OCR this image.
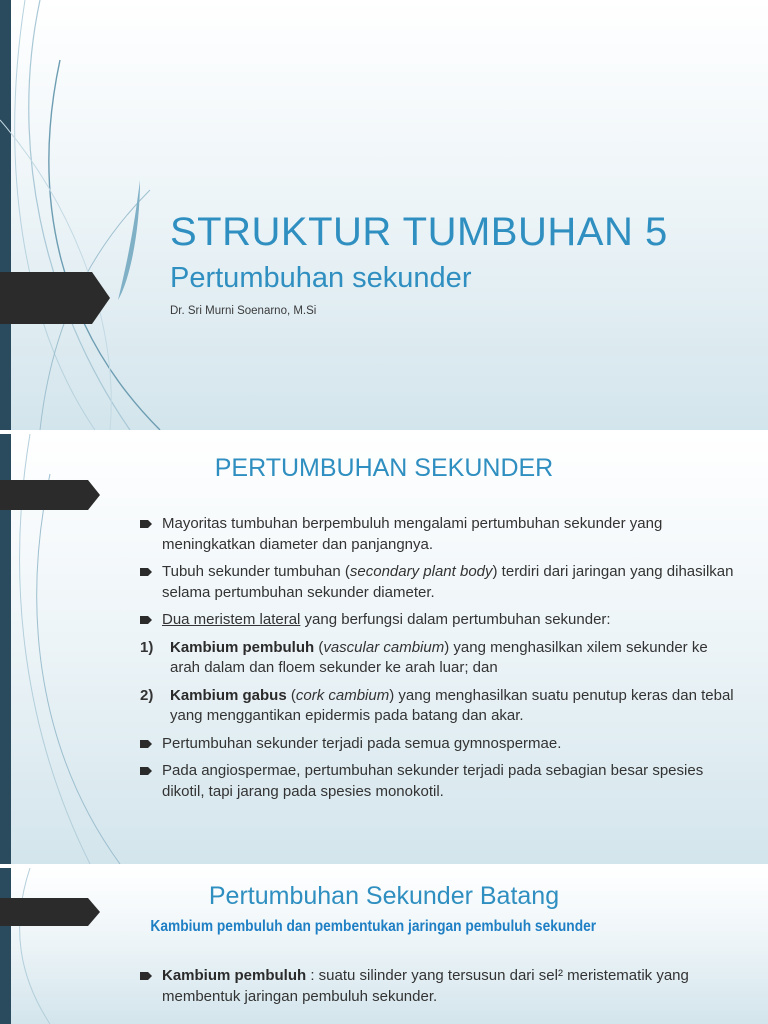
STRUKTUR TUMBUHAN 5
Pertumbuhan sekunder
Dr. Sri Murni Soenarno, M.Si
PERTUMBUHAN SEKUNDER
Mayoritas tumbuhan berpembuluh mengalami pertumbuhan sekunder yang meningkatkan diameter dan panjangnya.
Tubuh sekunder tumbuhan (secondary plant body) terdiri dari jaringan yang dihasilkan selama pertumbuhan sekunder diameter.
Dua meristem lateral yang berfungsi dalam pertumbuhan sekunder:
1) Kambium pembuluh (vascular cambium) yang menghasilkan xilem sekunder ke arah dalam dan floem sekunder ke arah luar; dan
2) Kambium gabus (cork cambium) yang menghasilkan suatu penutup keras dan tebal yang menggantikan epidermis pada batang dan akar.
Pertumbuhan sekunder terjadi pada semua gymnospermae.
Pada angiospermae, pertumbuhan sekunder terjadi pada sebagian besar spesies dikotil, tapi jarang pada spesies monokotil.
Pertumbuhan Sekunder Batang
Kambium pembuluh dan pembentukan jaringan pembuluh sekunder
Kambium pembuluh : suatu silinder yang tersusun dari sel² meristematik yang membentuk jaringan pembuluh sekunder.
